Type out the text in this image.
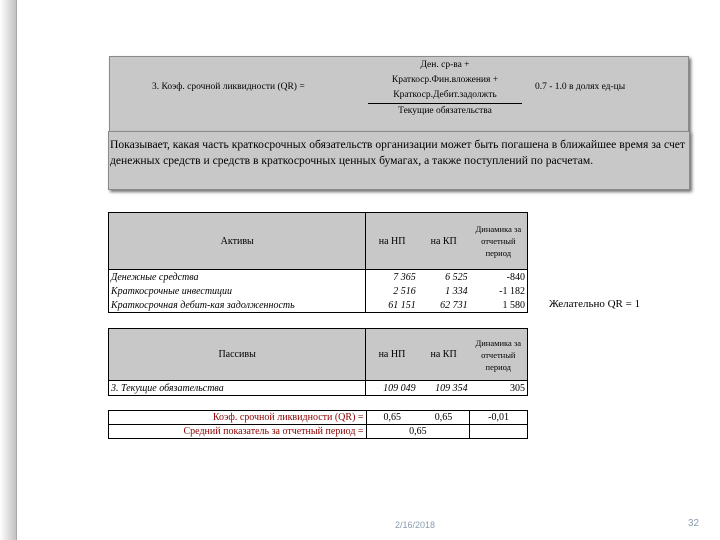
3. Коэф. срочной ликвидности (QR) =
Ден. ср-ва +
Краткоср.Фин.вложения +
Краткоср.Дебит.задолжть
Текущие обязательства
0.7 - 1.0 в долях ед-цы

Показывает, какая часть краткосрочных обязательств организации может быть погашена в ближайшее время за счет денежных средств и средств в краткосрочных ценных бумагах, а также поступлений по расчетам.

Активы	на НП	на КП	Динамика за отчетный период
Денежные средства	7 365	6 525	-840
Краткосрочные инвестиции	2 516	1 334	-1 182
Краткосрочная дебит-кая задолженность	61 151	62 731	1 580 Желательно QR = 1
Пассивы	на НП	на КП	Динамика за отчетный период
3. Текущие обязательства	109 049	109 354	305
Коэф. срочной ликвидности (QR) =	0,65	0,65	-0,01
Средний показатель за отчетный период =	0,65		
2/16/2018	32
